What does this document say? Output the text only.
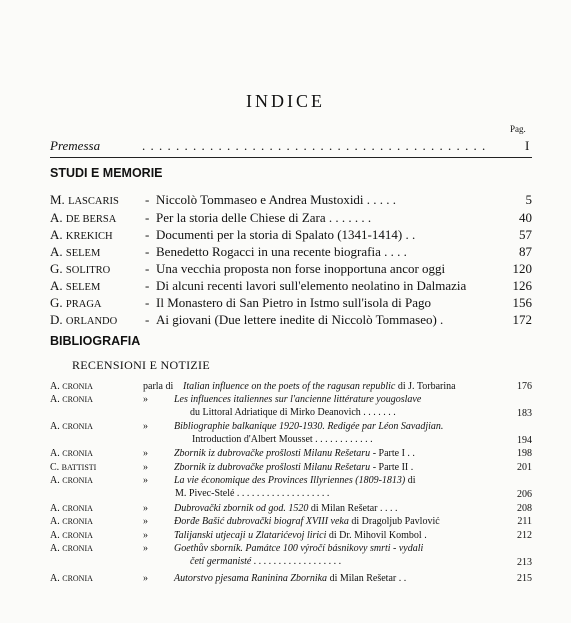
INDICE
Pag.
Premessa	. . . . . . . . . . . . . . . . . . . . . . . . . . . . . . . . . . . . . . . . .	I
STUDI E MEMORIE
M. LASCARIS - Niccolò Tommaseo e Andrea Mustoxidi . . . . .	5
A. DE BERSA - Per la storia delle Chiese di Zara . . . . . . .	40
A. KREKICH - Documenti per la storia di Spalato (1341-1414) . .	57
A. SELEM	- Benedetto Rogacci in una recente biografia . . . .	87
G. SOLITRO	- Una vecchia proposta non forse inopportuna ancor oggi	120
A. SELEM	- Di alcuni recenti lavori sull'elemento neolatino in Dalmazia	126
G. PRAGA	- Il Monastero di San Pietro in Istmo sull'isola di Pago	156
D. ORLANDO - Ai giovani (Due lettere inedite di Niccolò Tommaseo) .	172
BIBLIOGRAFIA
RECENSIONI E NOTIZIE
A. CRONIA	parla di Italian influence on the poets of the ragusan republic di J. Torbarina	176
A. CRONIA	»	Les influences italiennes sur l'ancienne littérature yougoslave
du Littoral Adriatique di Mirko Deanovich . . . . . . .	183
A. CRONIA	»	Bibliographie balkanique 1920-1930. Redigée par Léon Savadjian.
Introduction d'Albert Mousset . . . . . . . . . . . .	194
A. CRONIA	»	Zbornik iz dubrovačke prošlosti Milanu Rešetaru - Parte I . .	198
C. BATTISTI	»	Zbornik iz dubrovačke prošlosti Milanu Rešetaru - Parte II .	201
A. CRONIA	»	La vie économique des Provinces Illyriennes (1809-1813) di
M. Pivec-Stelé . . . . . . . . . . . . . . . . . . .	206
A. CRONIA	»	Dubrovački zbornik od god. 1520 di Milan Rešetar . . . .	208
A. CRONIA	»	Đorđe Bašić dubrovački biograf XVIII veka di Dragoljub Pavlović	211
A. CRONIA	»	Talijanski utjecaji u Zlatarićevoj lirici di Dr. Mihovil Kombol .	212
A. CRONIA	»	Goethův sborník. Památce 100 výročí básnikovy smrti - vydali
četí germanisté . . . . . . . . . . . . . . . . . .	213
A. CRONIA	»	Autorstvo pjesama Raninina Zbornika di Milan Rešetar . .	215
